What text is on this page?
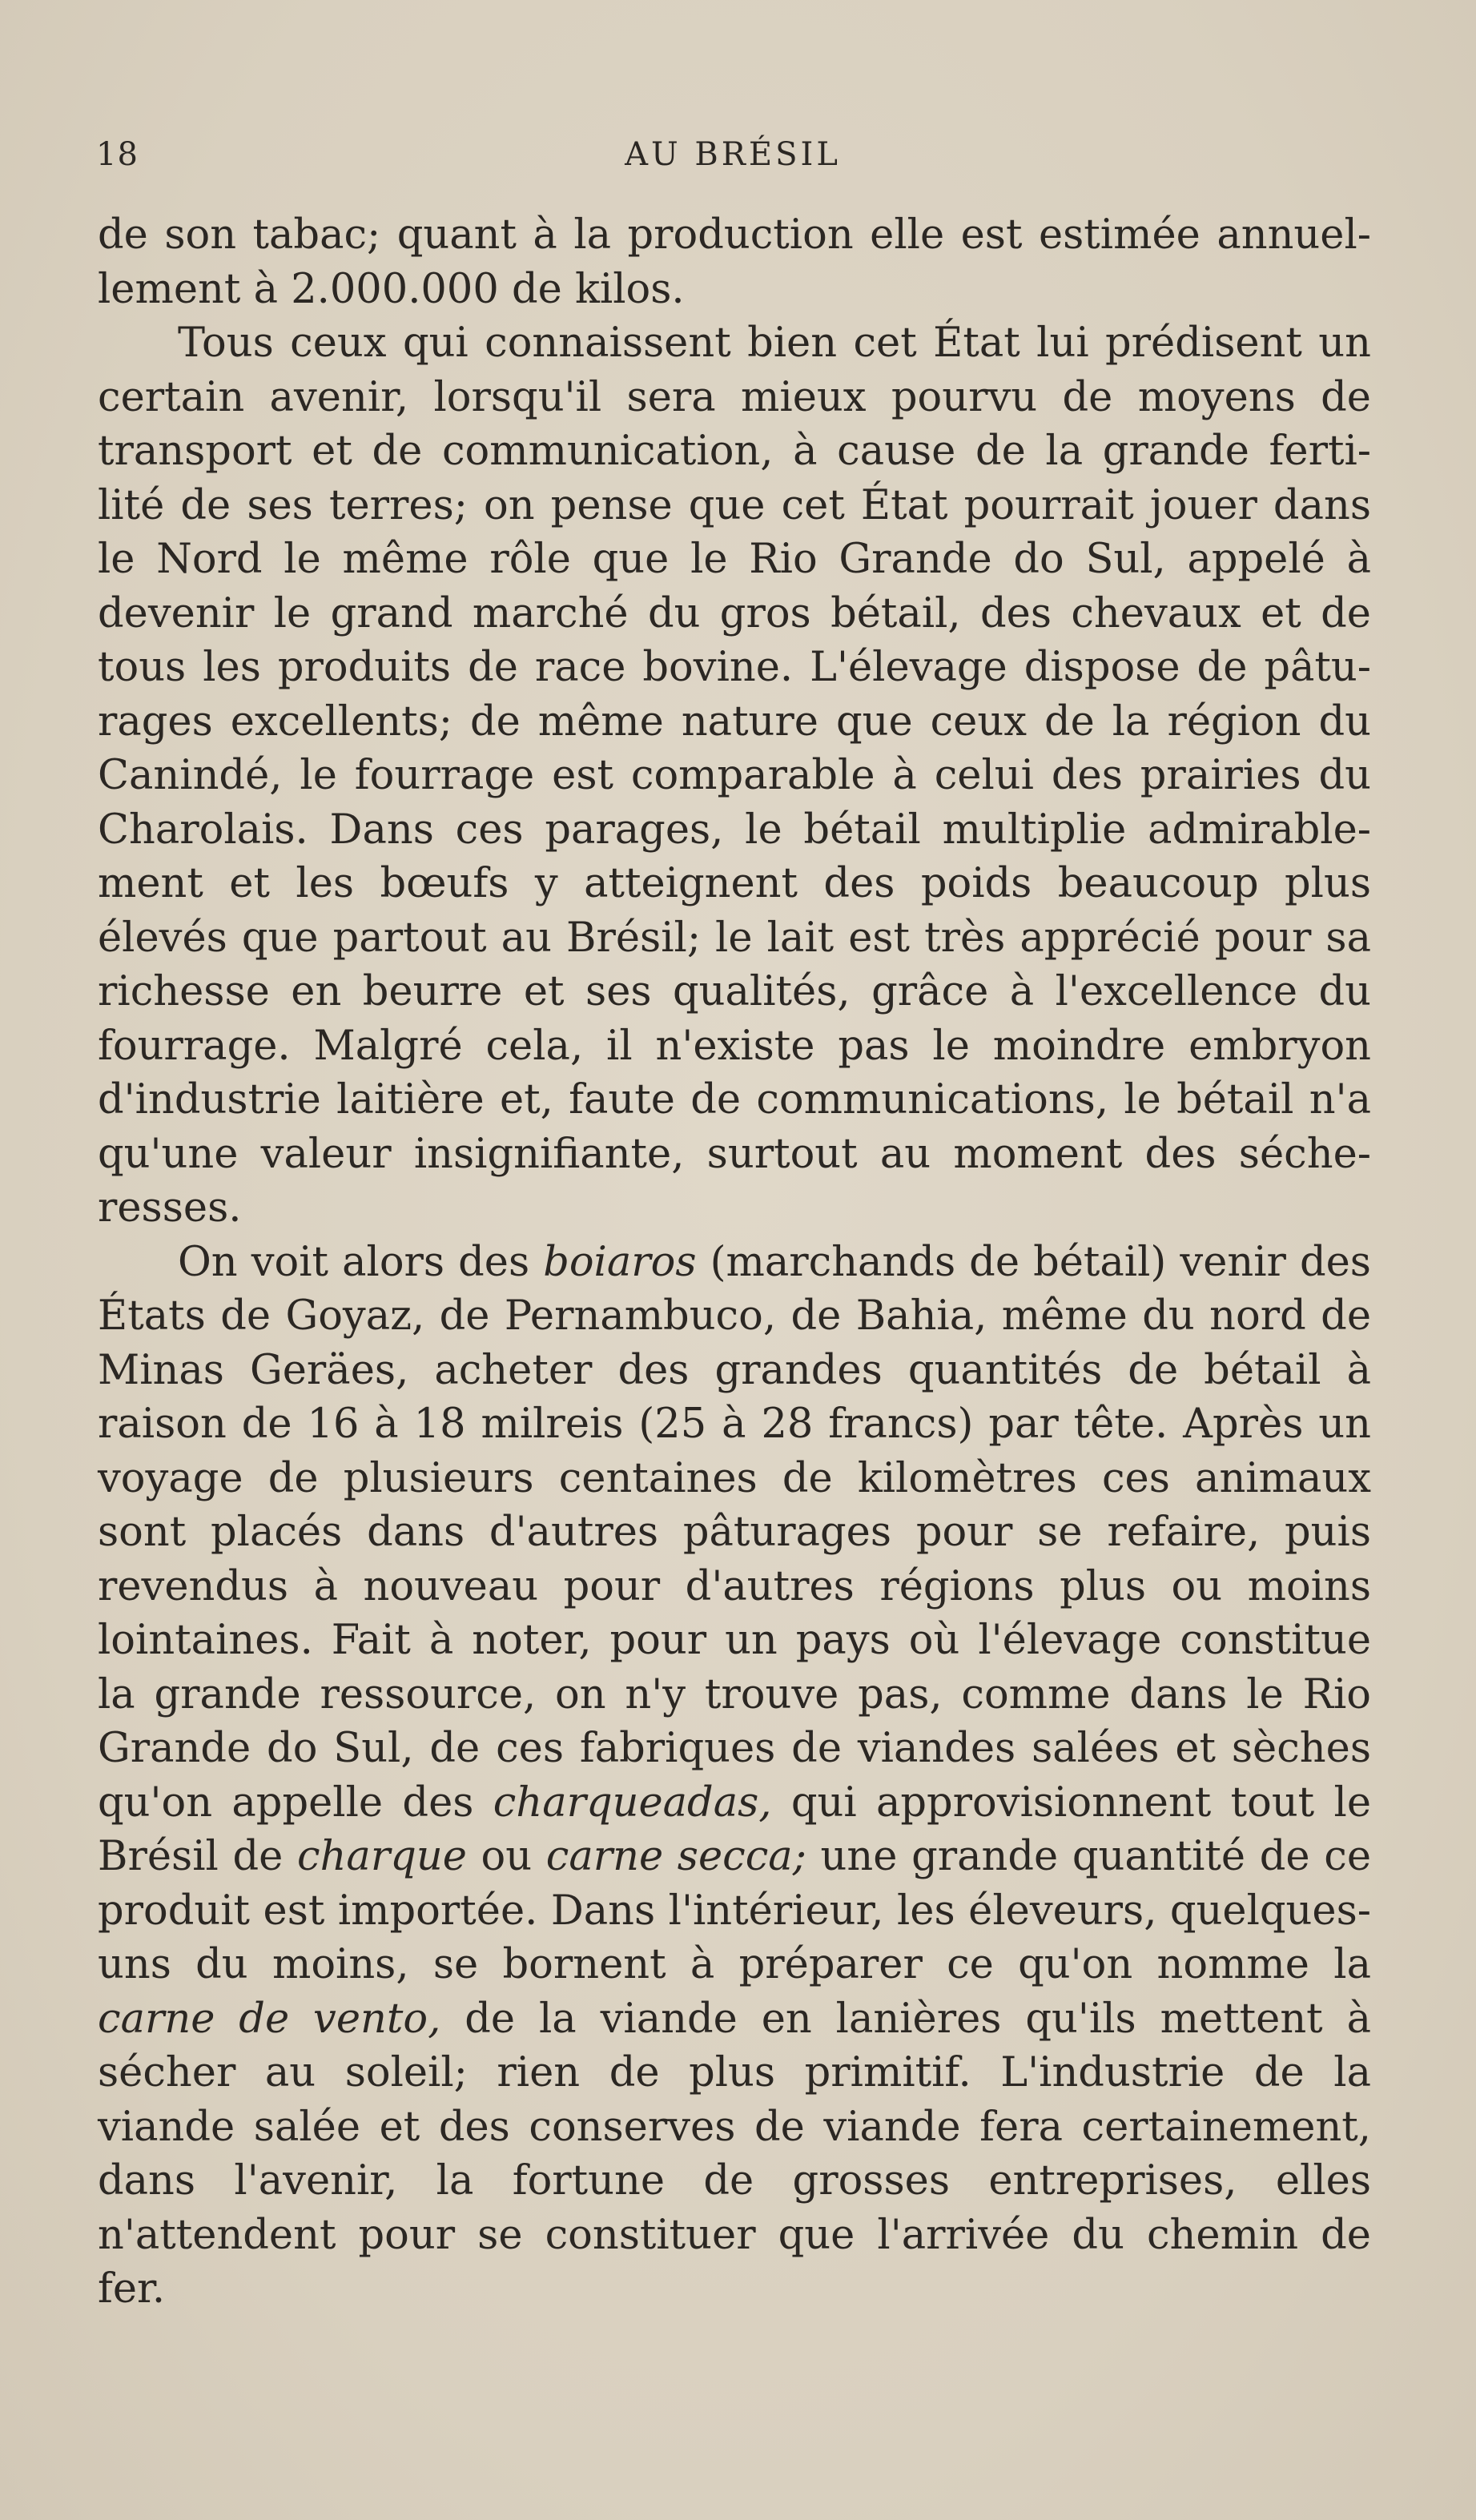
18	AU BRÉSIL

de son tabac; quant à la production elle est estimée annuel-lement à 2.000.000 de kilos.

Tous ceux qui connaissent bien cet État lui prédisent un certain avenir, lorsqu'il sera mieux pourvu de moyens de transport et de communication, à cause de la grande ferti-lité de ses terres; on pense que cet État pourrait jouer dans le Nord le même rôle que le Rio Grande do Sul, appelé à devenir le grand marché du gros bétail, des chevaux et de tous les produits de race bovine. L'élevage dispose de pâtu-rages excellents; de même nature que ceux de la région du Canindé, le fourrage est comparable à celui des prairies du Charolais. Dans ces parages, le bétail multiplie admirable-ment et les bœufs y atteignent des poids beaucoup plus élevés que partout au Brésil; le lait est très apprécié pour sa richesse en beurre et ses qualités, grâce à l'excellence du fourrage. Malgré cela, il n'existe pas le moindre embryon d'industrie laitière et, faute de communications, le bétail n'a qu'une valeur insignifiante, surtout au moment des séche-resses.

On voit alors des boiaros (marchands de bétail) venir des États de Goyaz, de Pernambuco, de Bahia, même du nord de Minas Geräes, acheter des grandes quantités de bétail à raison de 16 à 18 milreis (25 à 28 francs) par tête. Après un voyage de plusieurs centaines de kilomètres ces animaux sont placés dans d'autres pâturages pour se refaire, puis revendus à nouveau pour d'autres régions plus ou moins lointaines. Fait à noter, pour un pays où l'élevage constitue la grande ressource, on n'y trouve pas, comme dans le Rio Grande do Sul, de ces fabriques de viandes salées et sèches qu'on appelle des charqueadas, qui approvisionnent tout le Brésil de charque ou carne secca; une grande quantité de ce produit est importée. Dans l'intérieur, les éleveurs, quelques-uns du moins, se bornent à préparer ce qu'on nomme la carne de vento, de la viande en lanières qu'ils mettent à sécher au soleil; rien de plus primitif. L'industrie de la viande salée et des conserves de viande fera certainement, dans l'avenir, la fortune de grosses entreprises, elles n'attendent pour se constituer que l'arrivée du chemin de fer.
